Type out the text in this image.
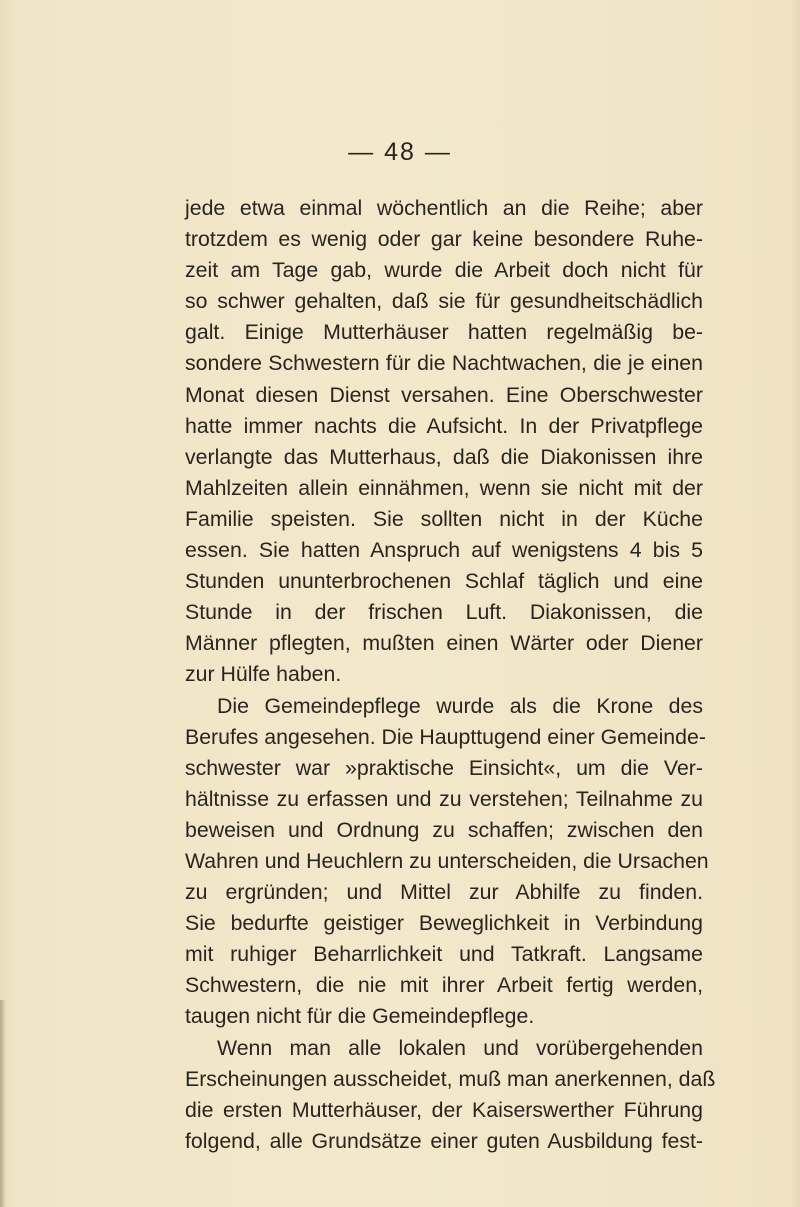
— 48 —
jede etwa einmal wöchentlich an die Reihe; aber
trotzdem es wenig oder gar keine besondere Ruhe-
zeit am Tage gab, wurde die Arbeit doch nicht für
so schwer gehalten, daß sie für gesundheitschädlich
galt. Einige Mutterhäuser hatten regelmäßig be-
sondere Schwestern für die Nachtwachen, die je einen
Monat diesen Dienst versahen. Eine Oberschwester
hatte immer nachts die Aufsicht. In der Privatpflege
verlangte das Mutterhaus, daß die Diakonissen ihre
Mahlzeiten allein einnähmen, wenn sie nicht mit der
Familie speisten. Sie sollten nicht in der Küche
essen. Sie hatten Anspruch auf wenigstens 4 bis 5
Stunden ununterbrochenen Schlaf täglich und eine
Stunde in der frischen Luft. Diakonissen, die
Männer pflegten, mußten einen Wärter oder Diener
zur Hülfe haben.
Die Gemeindepflege wurde als die Krone des
Berufes angesehen. Die Haupttugend einer Gemeinde-
schwester war »praktische Einsicht«, um die Ver-
hältnisse zu erfassen und zu verstehen; Teilnahme zu
beweisen und Ordnung zu schaffen; zwischen den
Wahren und Heuchlern zu unterscheiden, die Ursachen
zu ergründen; und Mittel zur Abhilfe zu finden.
Sie bedurfte geistiger Beweglichkeit in Verbindung
mit ruhiger Beharrlichkeit und Tatkraft. Langsame
Schwestern, die nie mit ihrer Arbeit fertig werden,
taugen nicht für die Gemeindepflege.
Wenn man alle lokalen und vorübergehenden
Erscheinungen ausscheidet, muß man anerkennen, daß
die ersten Mutterhäuser, der Kaiserswerther Führung
folgend, alle Grundsätze einer guten Ausbildung fest-
